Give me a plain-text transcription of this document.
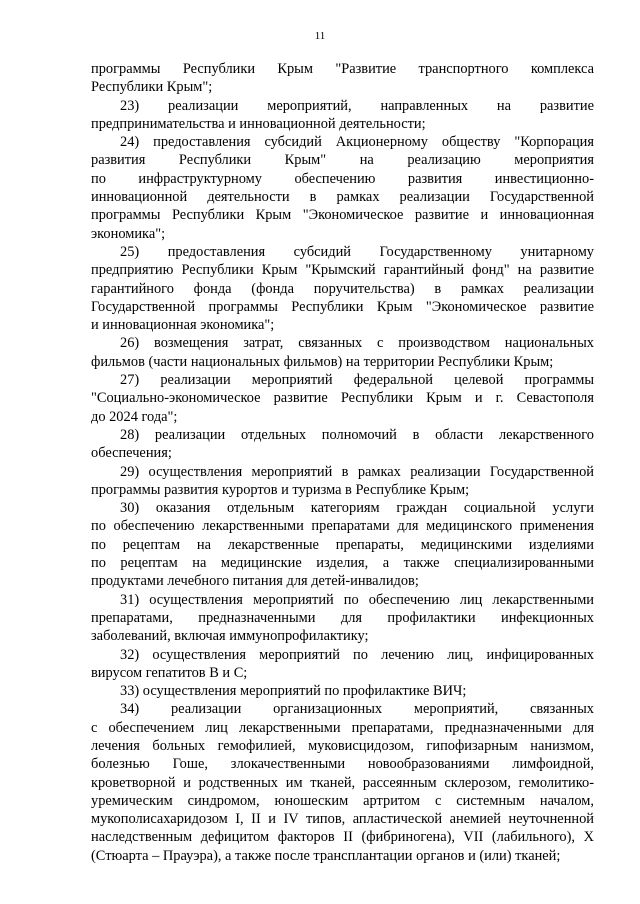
11
программы Республики Крым "Развитие транспортного комплекса
Республики Крым";
23) реализации мероприятий, направленных на развитие
предпринимательства и инновационной деятельности;
24) предоставления субсидий Акционерному обществу "Корпорация
развития Республики Крым" на реализацию мероприятия
по инфраструктурному обеспечению развития инвестиционно-
инновационной деятельности в рамках реализации Государственной
программы Республики Крым "Экономическое развитие и инновационная
экономика";
25) предоставления субсидий Государственному унитарному
предприятию Республики Крым "Крымский гарантийный фонд" на развитие
гарантийного фонда (фонда поручительства) в рамках реализации
Государственной программы Республики Крым "Экономическое развитие
и инновационная экономика";
26) возмещения затрат, связанных с производством национальных
фильмов (части национальных фильмов) на территории Республики Крым;
27) реализации мероприятий федеральной целевой программы
"Социально-экономическое развитие Республики Крым и г. Севастополя
до 2024 года";
28) реализации отдельных полномочий в области лекарственного
обеспечения;
29) осуществления мероприятий в рамках реализации Государственной
программы развития курортов и туризма в Республике Крым;
30) оказания отдельным категориям граждан социальной услуги
по обеспечению лекарственными препаратами для медицинского применения
по рецептам на лекарственные препараты, медицинскими изделиями
по рецептам на медицинские изделия, а также специализированными
продуктами лечебного питания для детей-инвалидов;
31) осуществления мероприятий по обеспечению лиц лекарственными
препаратами, предназначенными для профилактики инфекционных
заболеваний, включая иммунопрофилактику;
32) осуществления мероприятий по лечению лиц, инфицированных
вирусом гепатитов B и C;
33) осуществления мероприятий по профилактике ВИЧ;
34) реализации организационных мероприятий, связанных
с обеспечением лиц лекарственными препаратами, предназначенными для
лечения больных гемофилией, муковисцидозом, гипофизарным нанизмом,
болезнью Гоше, злокачественными новообразованиями лимфоидной,
кроветворной и родственных им тканей, рассеянным склерозом, гемолитико-
уремическим синдромом, юношеским артритом с системным началом,
мукополисахаридозом I, II и IV типов, апластической анемией неуточненной
наследственным дефицитом факторов II (фибриногена), VII (лабильного), X
(Стюарта – Прауэра), а также после трансплантации органов и (или) тканей;
